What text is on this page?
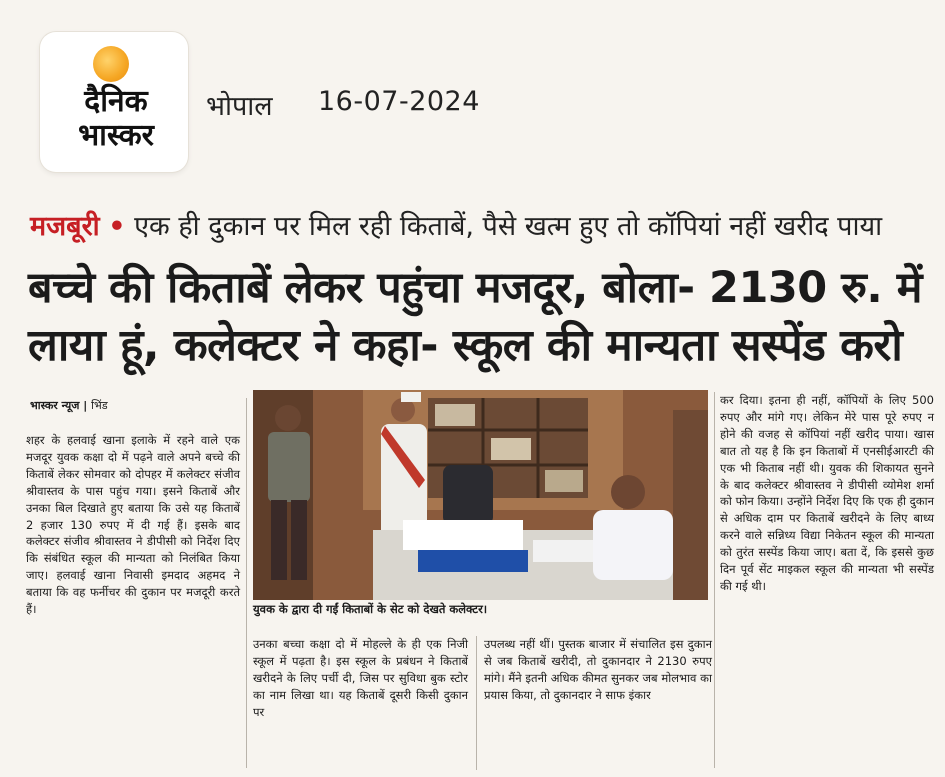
दैनिक
भास्कर
भोपाल 16-07-2024
मजबूरी • एक ही दुकान पर मिल रही किताबें, पैसे खत्म हुए तो कॉपियां नहीं खरीद पाया
बच्चे की किताबें लेकर पहुंचा मजदूर, बोला- 2130 रु. में
लाया हूं, कलेक्टर ने कहा- स्कूल की मान्यता सस्पेंड करो
भास्कर न्यूज | भिंड
शहर के हलवाई खाना इलाके में रहने वाले एक मजदूर युवक कक्षा दो में पढ़ने वाले अपने बच्चे की किताबें लेकर सोमवार को दोपहर में कलेक्टर संजीव श्रीवास्तव के पास पहुंच गया। इसने किताबें और उनका बिल दिखाते हुए बताया कि उसे यह किताबें 2 हजार 130 रुपए में दी गई हैं। इसके बाद कलेक्टर संजीव श्रीवास्तव ने डीपीसी को निर्देश दिए कि संबंधित स्कूल की मान्यता को निलंबित किया जाए। हलवाई खाना निवासी इमदाद अहमद ने बताया कि वह फर्नीचर की दुकान पर मजदूरी करते हैं।	युवक के द्वारा दी गईं किताबों के सेट को देखते कलेक्टर।
उनका बच्चा कक्षा दो में मोहल्ले के ही एक निजी स्कूल में पढ़ता है। इस स्कूल के प्रबंधन ने किताबें खरीदने के लिए पर्ची दी, जिस पर सुविधा बुक स्टोर का नाम लिखा था। यह किताबें दूसरी किसी दुकान पर
उपलब्ध नहीं थीं। पुस्तक बाजार में संचालित इस दुकान से जब किताबें खरीदी, तो दुकानदार ने 2130 रुपए मांगे। मैंने इतनी अधिक कीमत सुनकर जब मोलभाव का प्रयास किया, तो दुकानदार ने साफ इंकार
कर दिया। इतना ही नहीं, कॉपियों के लिए 500 रुपए और मांगे गए। लेकिन मेरे पास पूरे रुपए न होने की वजह से कॉपियां नहीं खरीद पाया। खास बात तो यह है कि इन किताबों में एनसीईआरटी की एक भी किताब नहीं थी। युवक की शिकायत सुनने के बाद कलेक्टर श्रीवास्तव ने डीपीसी व्योमेश शर्मा को फोन किया। उन्होंने निर्देश दिए कि एक ही दुकान से अधिक दाम पर किताबें खरीदने के लिए बाध्य करने वाले सन्निध्य विद्या निकेतन स्कूल की मान्यता को तुरंत सस्पेंड किया जाए। बता दें, कि इससे कुछ दिन पूर्व सेंट माइकल स्कूल की मान्यता भी सस्पेंड की गई थी।
